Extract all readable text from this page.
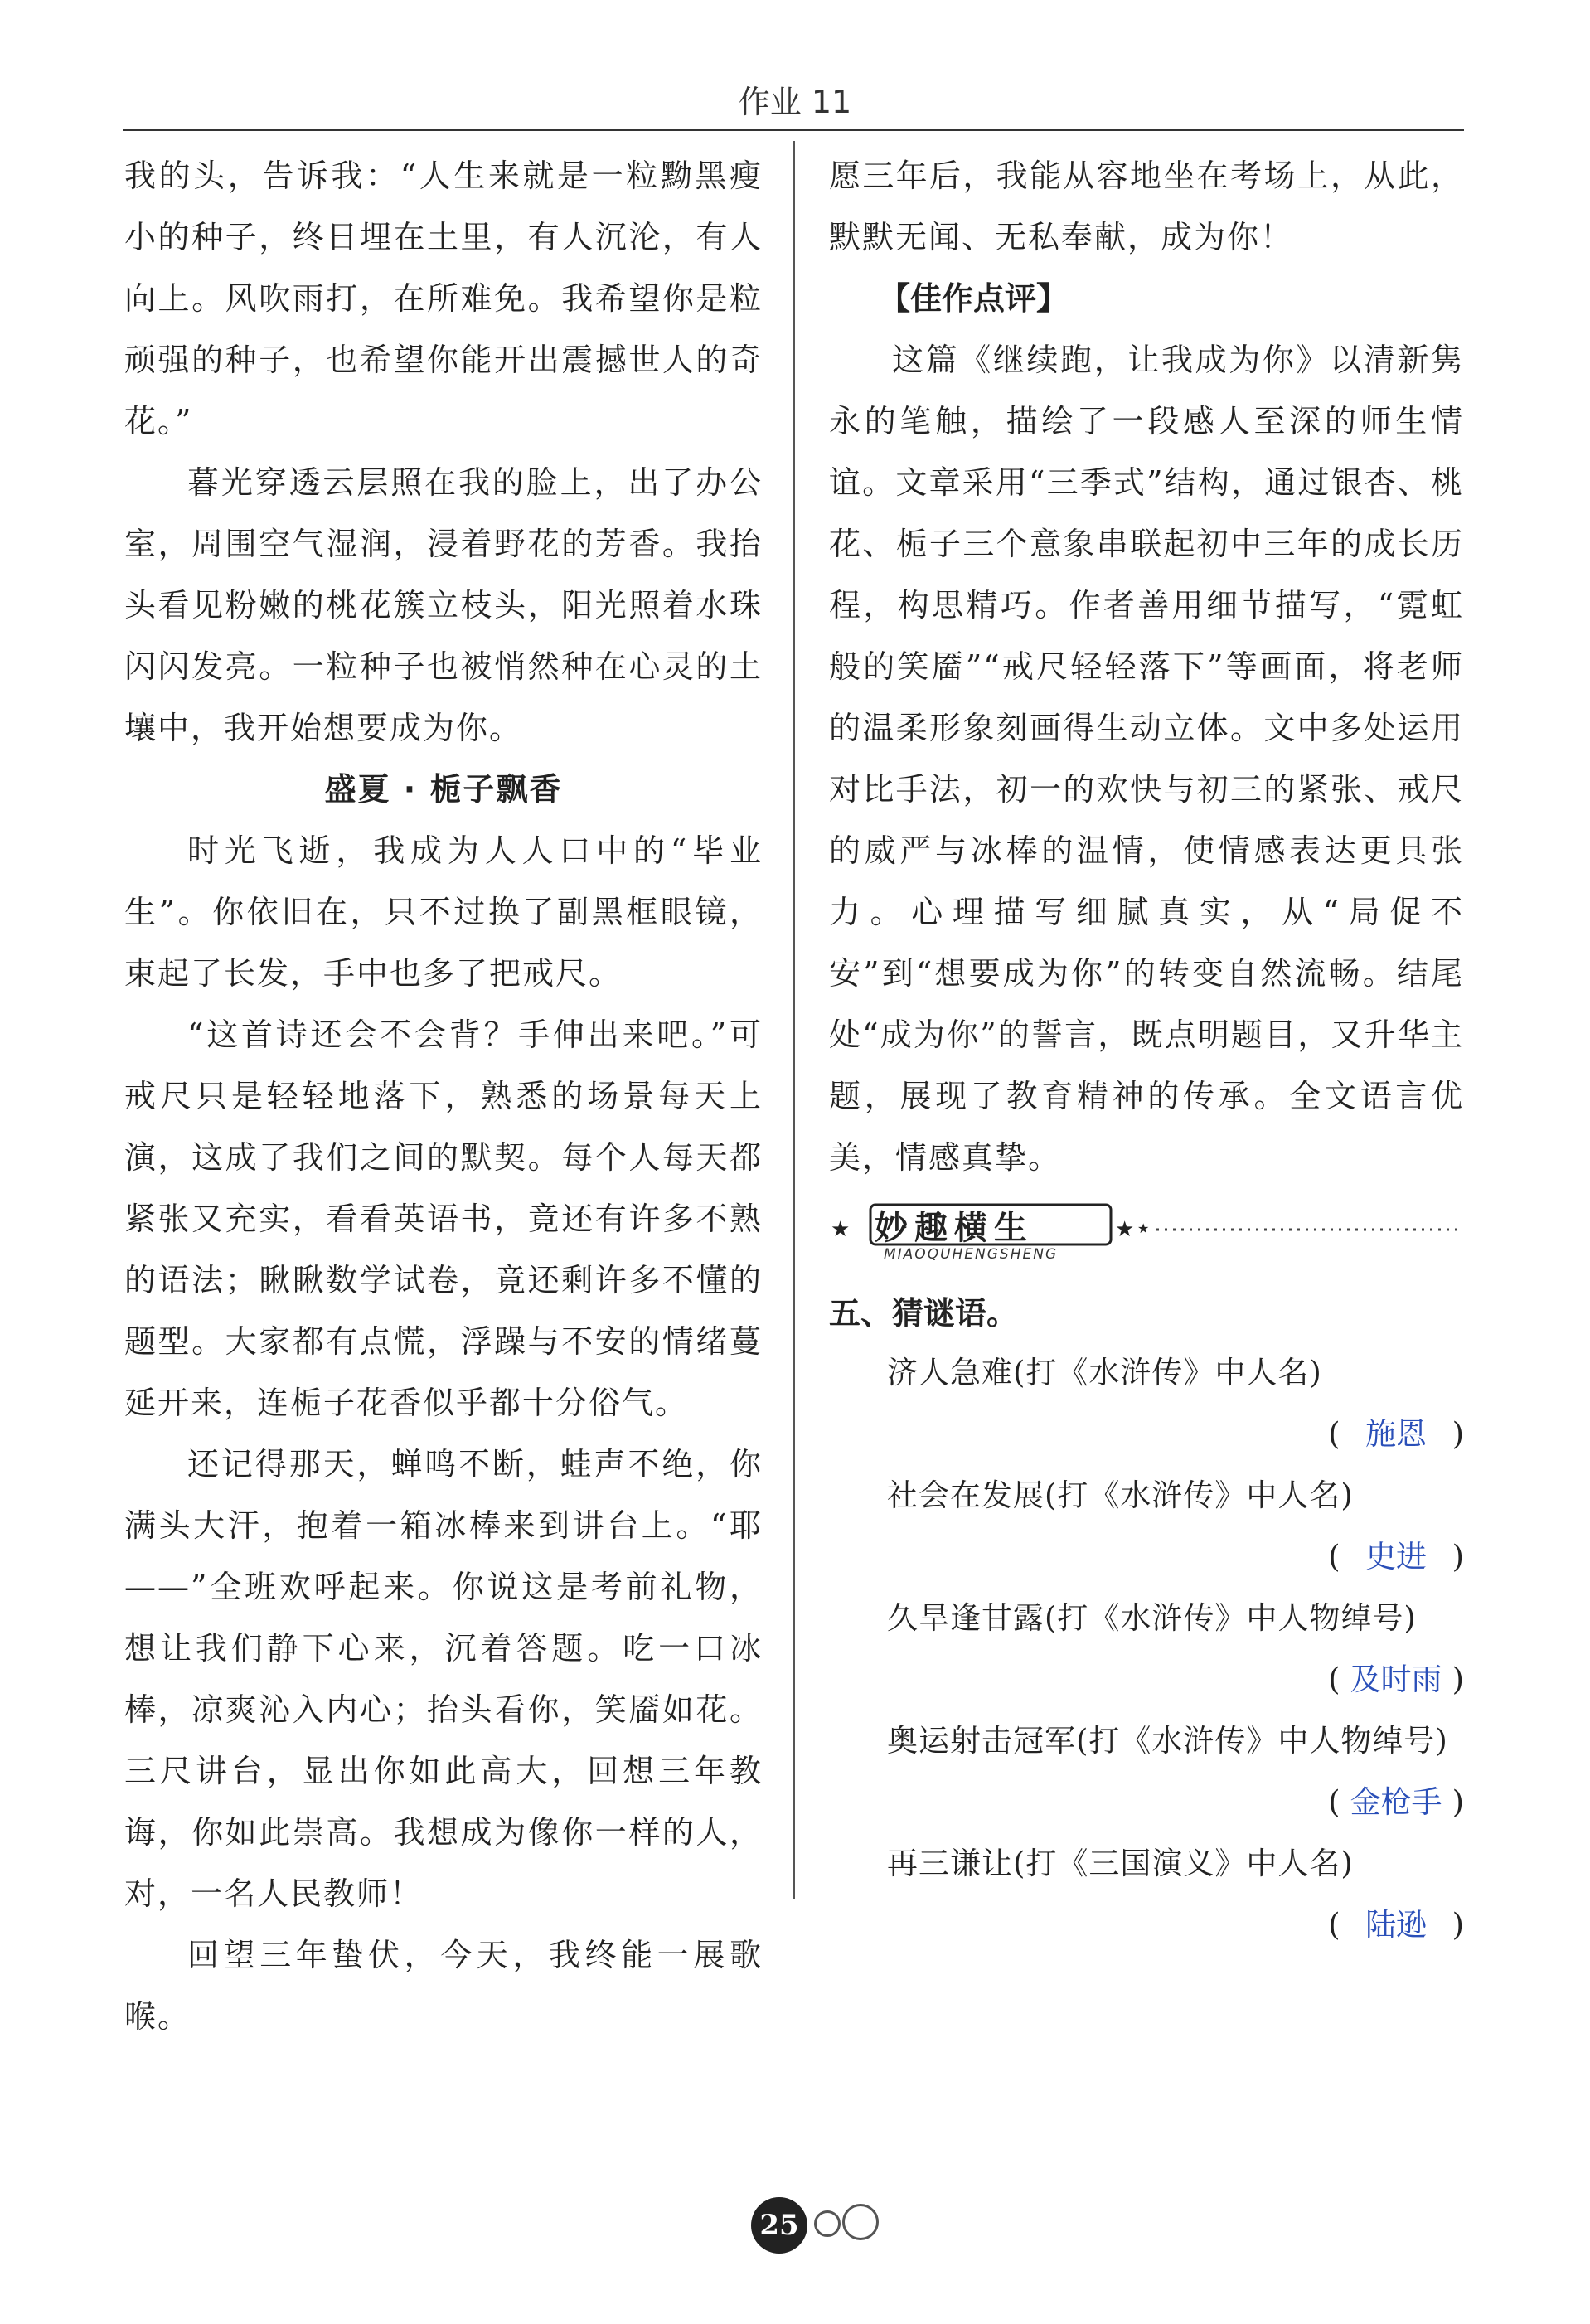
作业 11

我的头，告诉我：“人生来就是一粒黝黑瘦小的种子，终日埋在土里，有人沉沦，有人向上。风吹雨打，在所难免。我希望你是粒顽强的种子，也希望你能开出震撼世人的奇花。”

暮光穿透云层照在我的脸上，出了办公室，周围空气湿润，浸着野花的芳香。我抬头看见粉嫩的桃花簇立枝头，阳光照着水珠闪闪发亮。一粒种子也被悄然种在心灵的土壤中，我开始想要成为你。

盛夏 · 栀子飘香

时光飞逝，我成为人人口中的“毕业生”。你依旧在，只不过换了副黑框眼镜，束起了长发，手中也多了把戒尺。

“这首诗还会不会背？手伸出来吧。”可戒尺只是轻轻地落下，熟悉的场景每天上演，这成了我们之间的默契。每个人每天都紧张又充实，看看英语书，竟还有许多不熟的语法；瞅瞅数学试卷，竟还剩许多不懂的题型。大家都有点慌，浮躁与不安的情绪蔓延开来，连栀子花香似乎都十分俗气。

还记得那天，蝉鸣不断，蛙声不绝，你满头大汗，抱着一箱冰棒来到讲台上。“耶——”全班欢呼起来。你说这是考前礼物，想让我们静下心来，沉着答题。吃一口冰棒，凉爽沁入内心；抬头看你，笑靥如花。三尺讲台，显出你如此高大，回想三年教诲，你如此崇高。我想成为像你一样的人，对，一名人民教师！

回望三年蛰伏，今天，我终能一展歌喉。

愿三年后，我能从容地坐在考场上，从此，默默无闻、无私奉献，成为你！

【佳作点评】

这篇《继续跑，让我成为你》以清新隽永的笔触，描绘了一段感人至深的师生情谊。文章采用“三季式”结构，通过银杏、桃花、栀子三个意象串联起初中三年的成长历程，构思精巧。作者善用细节描写，“霓虹般的笑靥”“戒尺轻轻落下”等画面，将老师的温柔形象刻画得生动立体。文中多处运用对比手法，初一的欢快与初三的紧张、戒尺的威严与冰棒的温情，使情感表达更具张力。心理描写细腻真实，从“局促不安”到“想要成为你”的转变自然流畅。结尾处“成为你”的誓言，既点明题目，又升华主题，展现了教育精神的传承。全文语言优美，情感真挚。

★	★ ★
妙趣横生
MIAOQUHENGSHENG

五、猜谜语。

济人急难(打《水浒传》中人名)
( 施恩 )
社会在发展(打《水浒传》中人名)
( 史进 )
久旱逢甘露(打《水浒传》中人物绰号)
( 及时雨 )
奥运射击冠军(打《水浒传》中人物绰号)
( 金枪手 )
再三谦让(打《三国演义》中人名)
( 陆逊 )
25
